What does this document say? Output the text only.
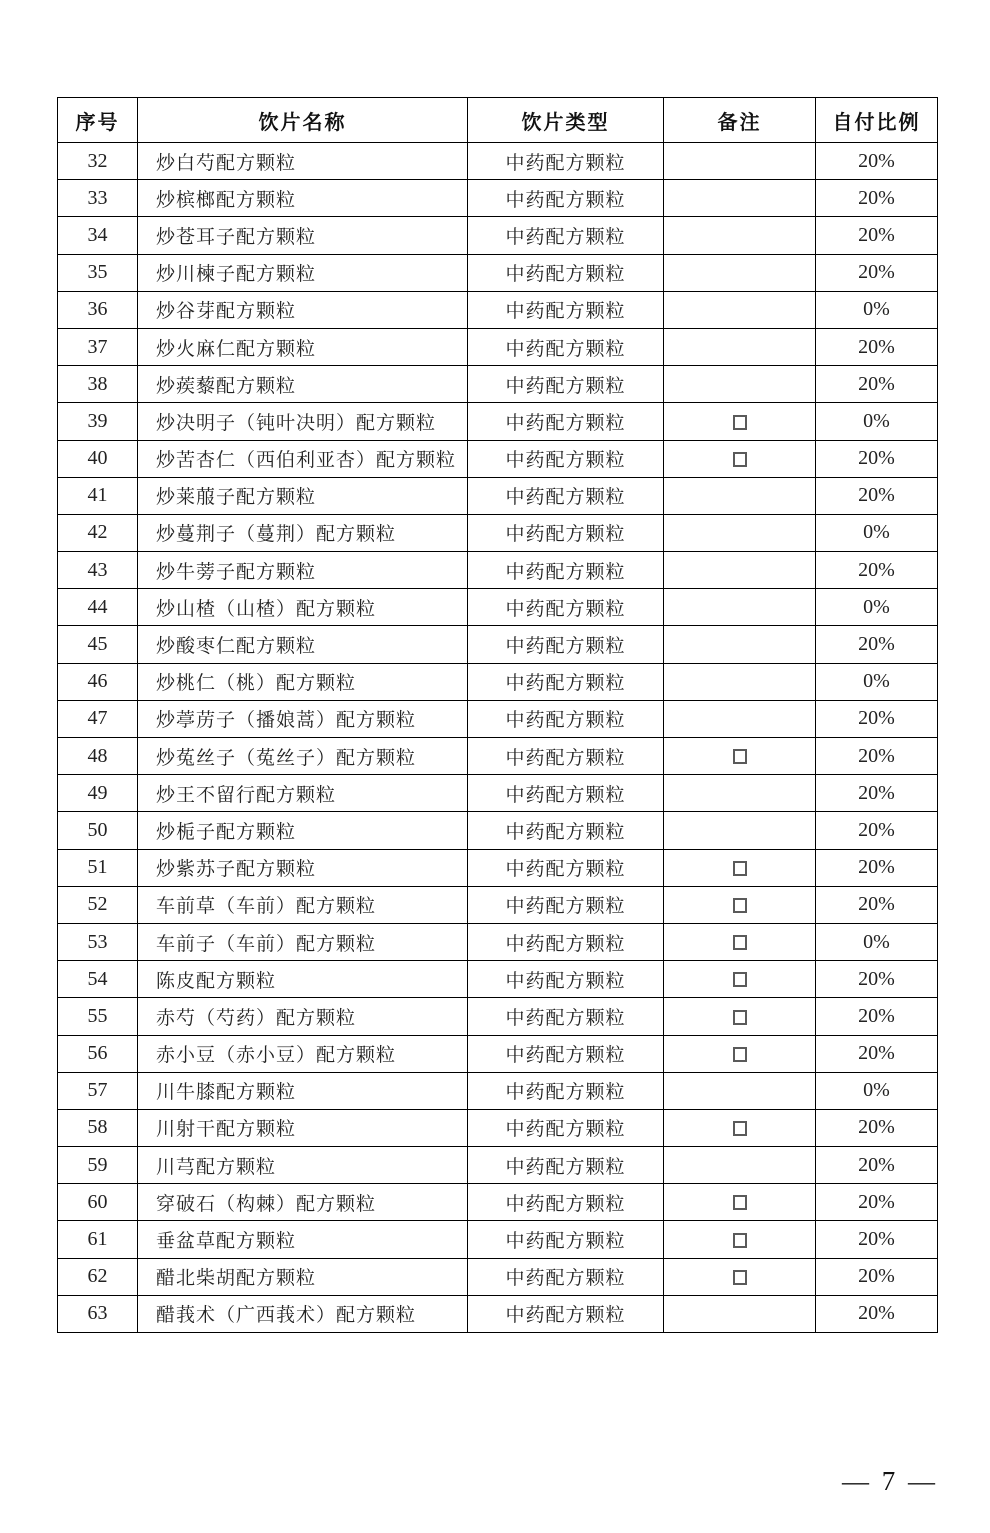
序号	饮片名称	饮片类型	备注	自付比例
32	炒白芍配方颗粒	中药配方颗粒		20%
33	炒槟榔配方颗粒	中药配方颗粒		20%
34	炒苍耳子配方颗粒	中药配方颗粒		20%
35	炒川楝子配方颗粒	中药配方颗粒		20%
36	炒谷芽配方颗粒	中药配方颗粒		0%
37	炒火麻仁配方颗粒	中药配方颗粒		20%
38	炒蒺藜配方颗粒	中药配方颗粒		20%
39	炒决明子（钝叶决明）配方颗粒	中药配方颗粒		0%
40	炒苦杏仁（西伯利亚杏）配方颗粒	中药配方颗粒		20%
41	炒莱菔子配方颗粒	中药配方颗粒		20%
42	炒蔓荆子（蔓荆）配方颗粒	中药配方颗粒		0%
43	炒牛蒡子配方颗粒	中药配方颗粒		20%
44	炒山楂（山楂）配方颗粒	中药配方颗粒		0%
45	炒酸枣仁配方颗粒	中药配方颗粒		20%
46	炒桃仁（桃）配方颗粒	中药配方颗粒		0%
47	炒葶苈子（播娘蒿）配方颗粒	中药配方颗粒		20%
48	炒菟丝子（菟丝子）配方颗粒	中药配方颗粒		20%
49	炒王不留行配方颗粒	中药配方颗粒		20%
50	炒栀子配方颗粒	中药配方颗粒		20%
51	炒紫苏子配方颗粒	中药配方颗粒		20%
52	车前草（车前）配方颗粒	中药配方颗粒		20%
53	车前子（车前）配方颗粒	中药配方颗粒		0%
54	陈皮配方颗粒	中药配方颗粒		20%
55	赤芍（芍药）配方颗粒	中药配方颗粒		20%
56	赤小豆（赤小豆）配方颗粒	中药配方颗粒		20%
57	川牛膝配方颗粒	中药配方颗粒		0%
58	川射干配方颗粒	中药配方颗粒		20%
59	川芎配方颗粒	中药配方颗粒		20%
60	穿破石（构棘）配方颗粒	中药配方颗粒		20%
61	垂盆草配方颗粒	中药配方颗粒		20%
62	醋北柴胡配方颗粒	中药配方颗粒		20%
63	醋莪术（广西莪术）配方颗粒	中药配方颗粒		20%
— 7 —
